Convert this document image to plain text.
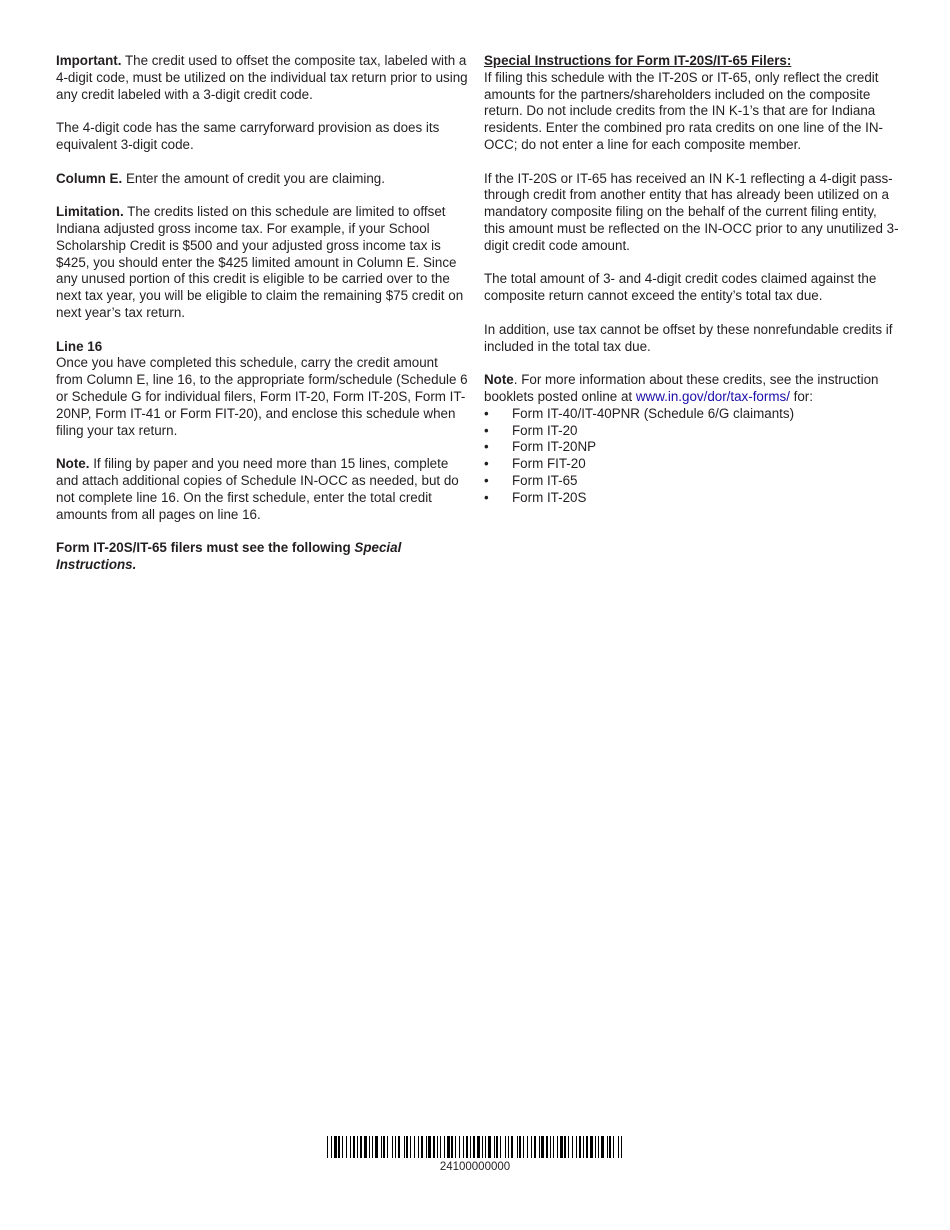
Important. The credit used to offset the composite tax, labeled with a 4-digit code, must be utilized on the individual tax return prior to using any credit labeled with a 3-digit credit code.

The 4-digit code has the same carryforward provision as does its equivalent 3-digit code.

Column E. Enter the amount of credit you are claiming.

Limitation. The credits listed on this schedule are limited to offset Indiana adjusted gross income tax. For example, if your School Scholarship Credit is $500 and your adjusted gross income tax is $425, you should enter the $425 limited amount in Column E. Since any unused portion of this credit is eligible to be carried over to the next tax year, you will be eligible to claim the remaining $75 credit on next year’s tax return.

Line 16
Once you have completed this schedule, carry the credit amount from Column E, line 16, to the appropriate form/schedule (Schedule 6 or Schedule G for individual filers, Form IT-20, Form IT-20S, Form IT-20NP, Form IT-41 or Form FIT-20), and enclose this schedule when filing your tax return.

Note. If filing by paper and you need more than 15 lines, complete and attach additional copies of Schedule IN-OCC as needed, but do not complete line 16. On the first schedule, enter the total credit amounts from all pages on line 16.

Form IT-20S/IT-65 filers must see the following Special Instructions.

Special Instructions for Form IT-20S/IT-65 Filers:
If filing this schedule with the IT-20S or IT-65, only reflect the credit amounts for the partners/shareholders included on the composite return. Do not include credits from the IN K-1’s that are for Indiana residents. Enter the combined pro rata credits on one line of the IN-OCC; do not enter a line for each composite member.

If the IT-20S or IT-65 has received an IN K-1 reflecting a 4-digit pass-through credit from another entity that has already been utilized on a mandatory composite filing on the behalf of the current filing entity, this amount must be reflected on the IN-OCC prior to any unutilized 3-digit credit code amount.

The total amount of 3- and 4-digit credit codes claimed against the composite return cannot exceed the entity’s total tax due.

In addition, use tax cannot be offset by these nonrefundable credits if included in the total tax due.

Note. For more information about these credits, see the instruction booklets posted online at www.in.gov/dor/tax-forms/ for:

• Form IT-40/IT-40PNR (Schedule 6/G claimants)
• Form IT-20
• Form IT-20NP
• Form FIT-20
• Form IT-65
• Form IT-20S
24100000000
